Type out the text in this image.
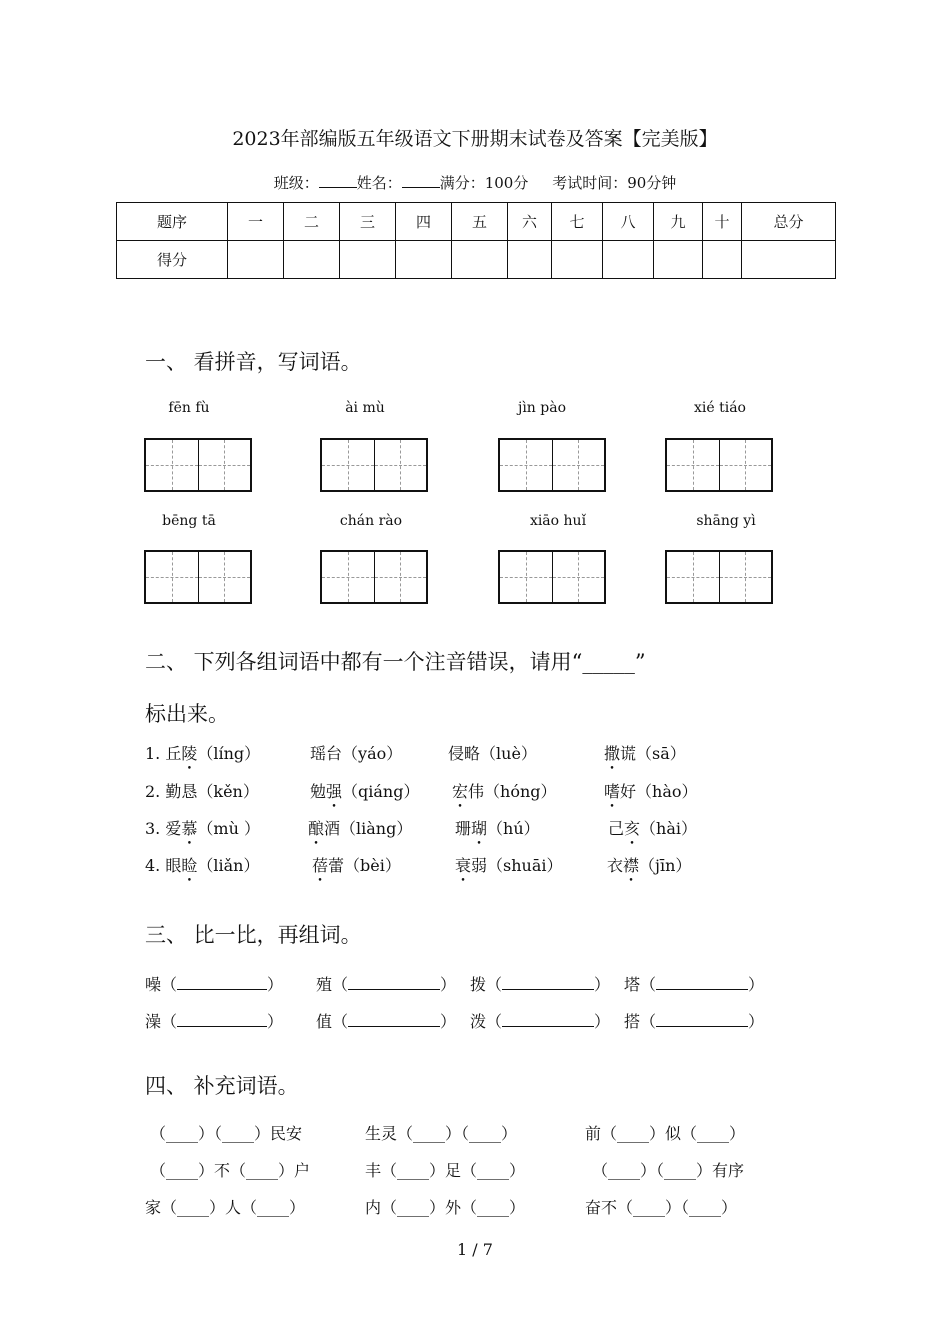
2023年部编版五年级语文下册期末试卷及答案【完美版】
班级：	姓名：	满分：100分 考试时间：90分钟
题序	一	二	三	四	五	六	七	八	九	十	总分
得分											
一、 看拼音，写词语。
fēn fù	ài mù	jìn pào	xié tiáo
bēng tā	chán rào	xiāo huǐ	shāng yì
二、 下列各组词语中都有一个注音错误，请用“_____”
标出来。
1. 丘陵（líng）	瑶台（yáo）	侵略（luè）	撒谎（sā）
2. 勤恳（kěn）	勉强（qiáng） 宏伟（hóng）	嗜好（hào）
3. 爱慕（mù ）	酿酒（liàng）	珊瑚（hú）	己亥（hài）
4. 眼睑（liǎn）	蓓蕾（bèi）	衰弱（shuāi）	衣襟（jīn）
三、 比一比，再组词。
噪（	） 殖（	） 拨（	） 塔（	）
澡（	） 值（	） 泼（	） 搭（	）
四、 补充词语。
（____）（____）民安	生灵（____）（____）	前（____）似（____）
（____）不（____）户	丰（____）足（____）	（____）（____）有序
家（____）人（____）	内（____）外（____）	奋不（____）（____）
1 / 7
